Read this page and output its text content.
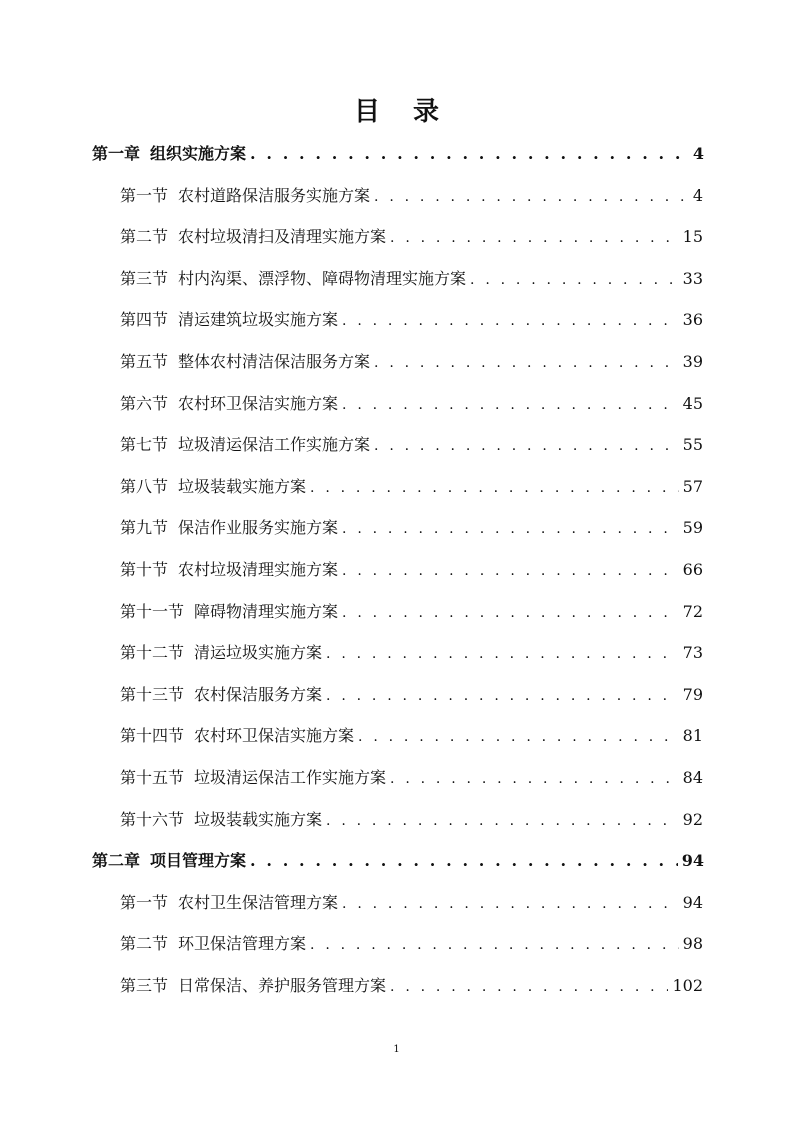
目 录
第一章 组织实施方案 . . .	4
第一节 农村道路保洁服务实施方案 . . .	4
第二节 农村垃圾清扫及清理实施方案 . . .	15
第三节 村内沟渠、漂浮物、障碍物清理实施方案 . . .	33
第四节 清运建筑垃圾实施方案 . . .	36
第五节 整体农村清洁保洁服务方案 . . .	39
第六节 农村环卫保洁实施方案 . . .	45
第七节 垃圾清运保洁工作实施方案 . . .	55
第八节 垃圾装载实施方案 . . .	57
第九节 保洁作业服务实施方案 . . .	59
第十节 农村垃圾清理实施方案 . . .	66
第十一节 障碍物清理实施方案 . . .	72
第十二节 清运垃圾实施方案 . . .	73
第十三节 农村保洁服务方案 . . .	79
第十四节 农村环卫保洁实施方案 . . .	81
第十五节 垃圾清运保洁工作实施方案 . . .	84
第十六节 垃圾装载实施方案 . . .	92
第二章 项目管理方案 . . .	94
第一节 农村卫生保洁管理方案 . . .	94
第二节 环卫保洁管理方案 . . .	98
第三节 日常保洁、养护服务管理方案 . . .	102
1
